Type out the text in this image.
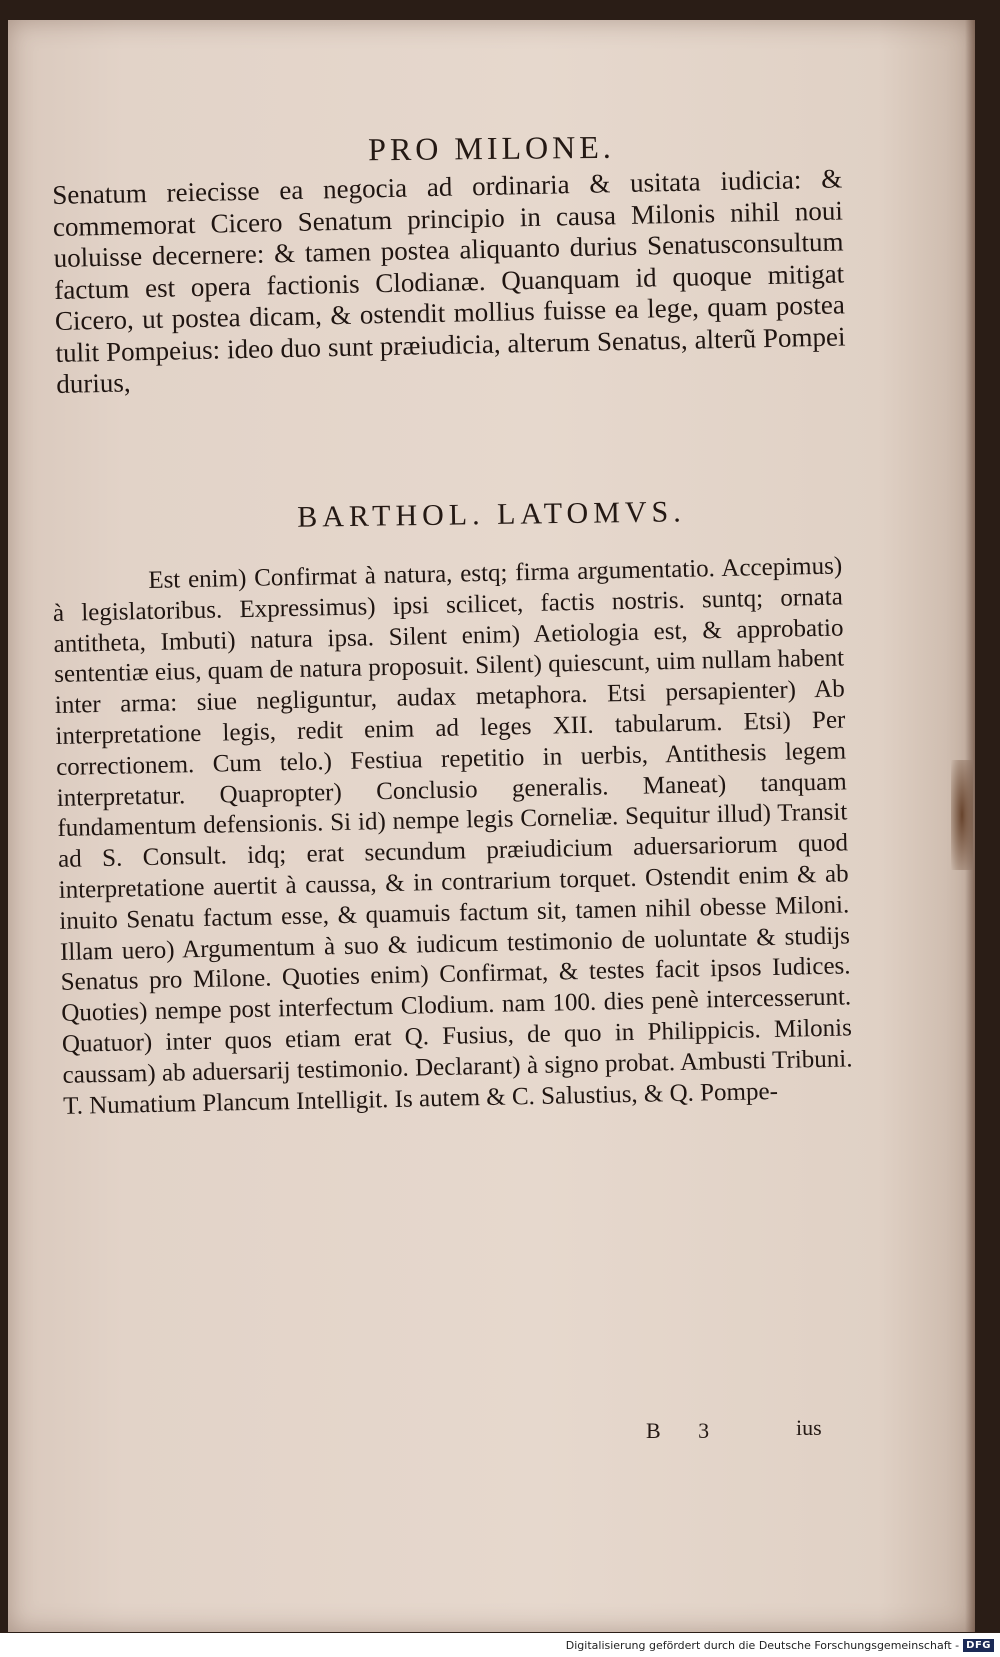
PRO MILONE.
Senatum reiecisse ea negocia ad ordinaria & usitata iudicia: & commemorat Cicero Senatum principio in causa Milonis nihil noui uoluisse decernere: & tamen postea aliquanto durius Senatusconsultum factum est opera factionis Clodianæ. Quanquam id quoque mitigat Cicero, ut postea dicam, & ostendit mollius fuisse ea lege, quam postea tulit Pompeius: ideo duo sunt præiudicia, alterum Senatus, alterũ Pompei durius,
BARTHOL. LATOMVS.
Est enim) Confirmat à natura, estq; firma argumentatio. Accepimus) à legislatoribus. Expressimus) ipsi scilicet, factis nostris. suntq; ornata antitheta, Imbuti) natura ipsa. Silent enim) Aetiologia est, & approbatio sententiæ eius, quam de natura proposuit. Silent) quiescunt, uim nullam habent inter arma: siue negliguntur, audax metaphora. Etsi persapienter) Ab interpretatione legis, redit enim ad leges XII. tabularum. Etsi) Per correctionem. Cum telo.) Festiua repetitio in uerbis, Antithesis legem interpretatur. Quapropter) Conclusio generalis. Maneat) tanquam fundamentum defensionis. Si id) nempe legis Corneliæ. Sequitur illud) Transit ad S. Consult. idq; erat secundum præiudicium aduersariorum quod interpretatione auertit à caussa, & in contrarium torquet. Ostendit enim & ab inuito Senatu factum esse, & quamuis factum sit, tamen nihil obesse Miloni. Illam uero) Argumentum à suo & iudicum testimonio de uoluntate & studijs Senatus pro Milone. Quoties enim) Confirmat, & testes facit ipsos Iudices. Quoties) nempe post interfectum Clodium. nam 100. dies penè intercesserunt. Quatuor) inter quos etiam erat Q. Fusius, de quo in Philippicis. Milonis caussam) ab aduersarij testimonio. Declarant) à signo probat. Ambusti Tribuni. T. Numatium Plancum Intelligit. Is autem & C. Salustius, & Q. Pompe-
B 3	ius
Digitalisierung gefördert durch die Deutsche Forschungsgemeinschaft - DFG
